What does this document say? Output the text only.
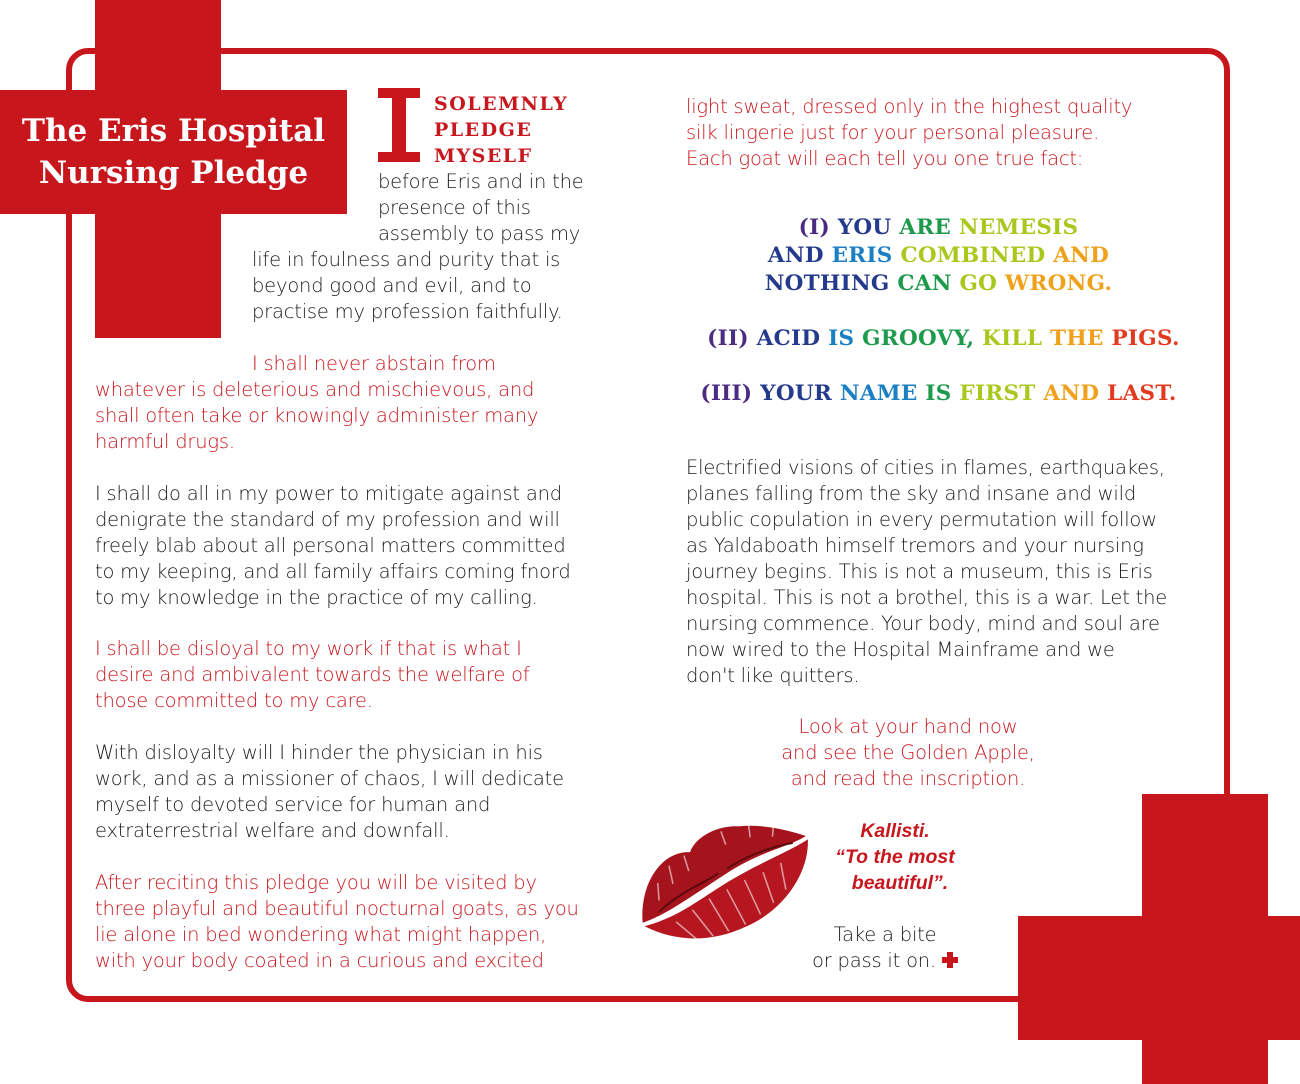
The Eris Hospital
Nursing Pledge
SOLEMNLY
PLEDGE
MYSELF
before Eris and in the
presence of this
assembly to pass my
life in foulness and purity that is
beyond good and evil, and to
practise my profession faithfully.
I shall never abstain from
whatever is deleterious and mischievous, and
shall often take or knowingly administer many
harmful drugs.
I shall do all in my power to mitigate against and
denigrate the standard of my profession and will
freely blab about all personal matters committed
to my keeping, and all family affairs coming fnord
to my knowledge in the practice of my calling.
I shall be disloyal to my work if that is what I
desire and ambivalent towards the welfare of
those committed to my care.
With disloyalty will I hinder the physician in his
work, and as a missioner of chaos, I will dedicate
myself to devoted service for human and
extraterrestrial welfare and downfall.
After reciting this pledge you will be visited by
three playful and beautiful nocturnal goats, as you
lie alone in bed wondering what might happen,
with your body coated in a curious and excited
light sweat, dressed only in the highest quality
silk lingerie just for your personal pleasure.
Each goat will each tell you one true fact:
(I) YOU ARE NEMESIS
AND ERIS COMBINED AND
NOTHING CAN GO WRONG.
(II) ACID IS GROOVY, KILL THE PIGS.
(III) YOUR NAME IS FIRST AND LAST.
Electrified visions of cities in flames, earthquakes,
planes falling from the sky and insane and wild
public copulation in every permutation will follow
as Yaldaboath himself tremors and your nursing
journey begins. This is not a museum, this is Eris
hospital. This is not a brothel, this is a war. Let the
nursing commence. Your body, mind and soul are
now wired to the Hospital Mainframe and we
don't like quitters.
Look at your hand now
and see the Golden Apple,
and read the inscription.
Kallisti.
“To the most
beautiful”.
Take a bite
or pass it on.
